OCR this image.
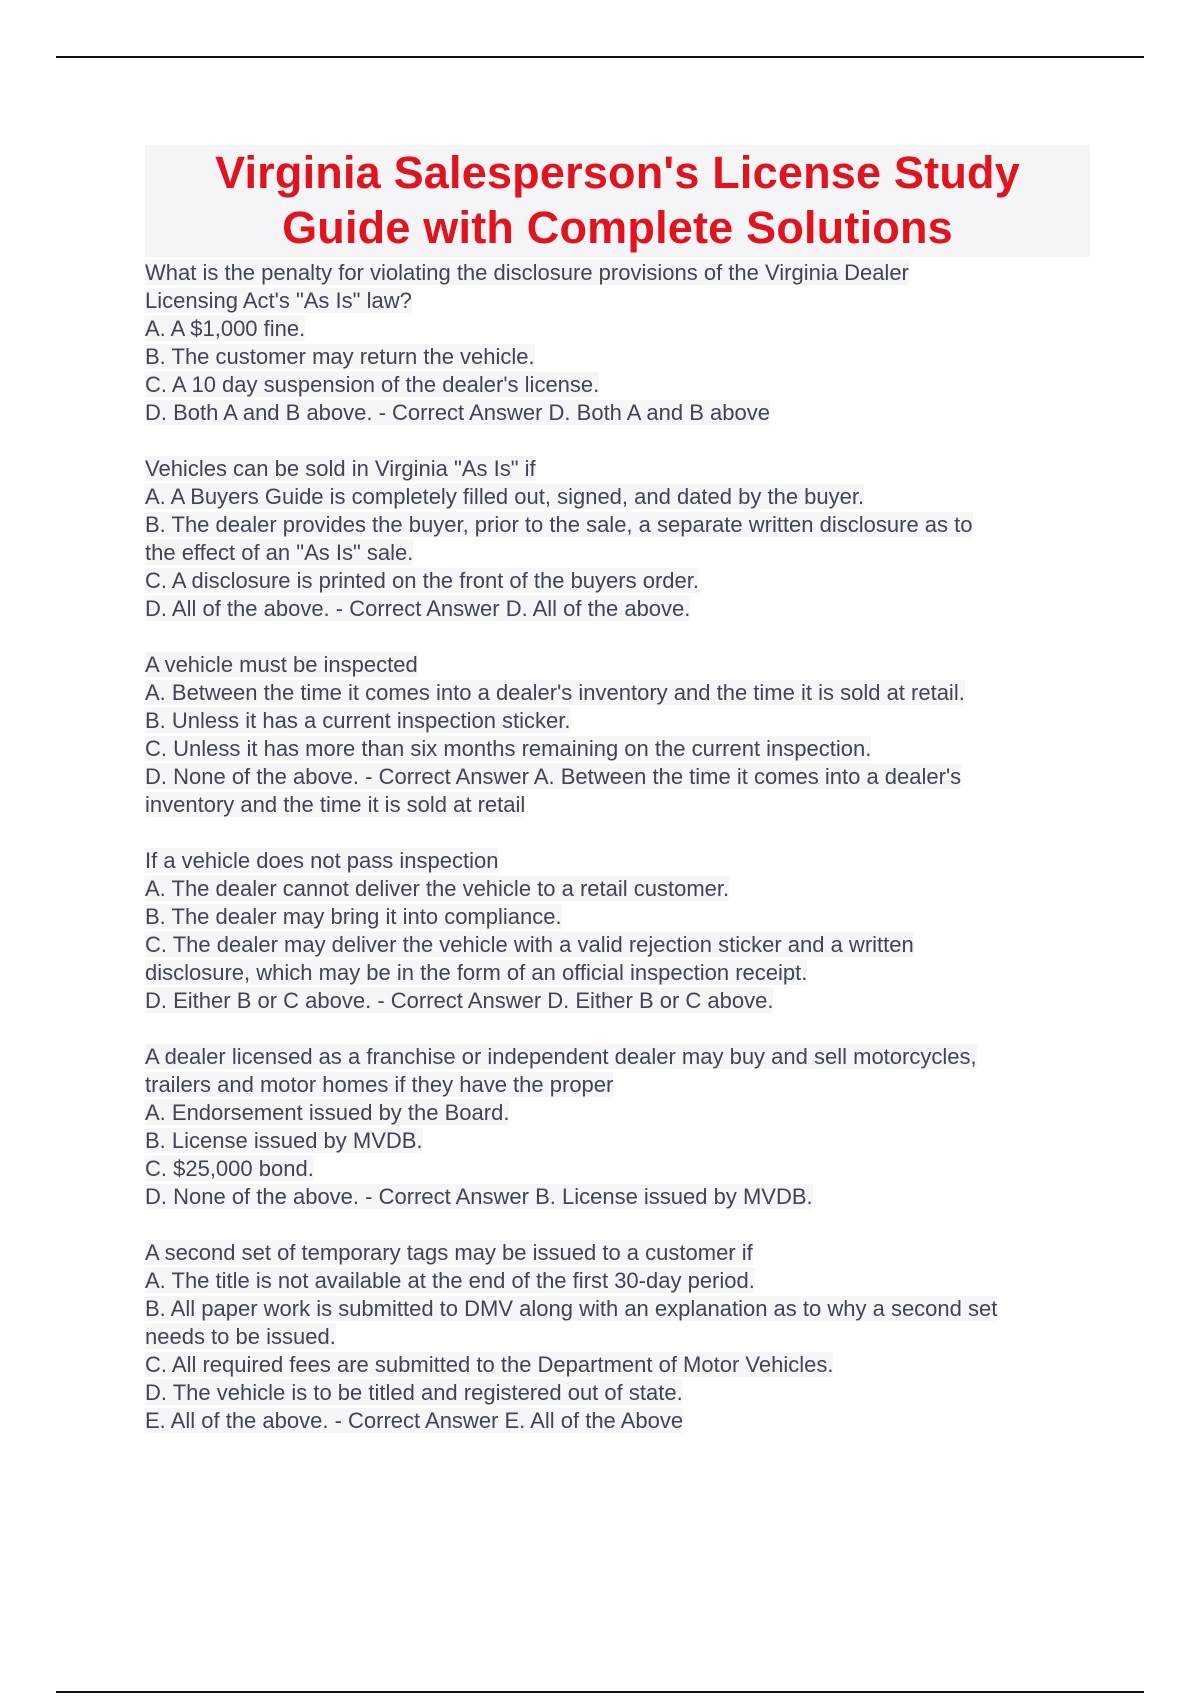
Virginia Salesperson's License Study
Guide with Complete Solutions
What is the penalty for violating the disclosure provisions of the Virginia Dealer
Licensing Act's "As Is" law?
A. A $1,000 fine.
B. The customer may return the vehicle.
C. A 10 day suspension of the dealer's license.
D. Both A and B above. - Correct Answer D. Both A and B above
Vehicles can be sold in Virginia "As Is" if
A. A Buyers Guide is completely filled out, signed, and dated by the buyer.
B. The dealer provides the buyer, prior to the sale, a separate written disclosure as to
the effect of an "As Is" sale.
C. A disclosure is printed on the front of the buyers order.
D. All of the above. - Correct Answer D. All of the above.
A vehicle must be inspected
A. Between the time it comes into a dealer's inventory and the time it is sold at retail.
B. Unless it has a current inspection sticker.
C. Unless it has more than six months remaining on the current inspection.
D. None of the above. - Correct Answer A. Between the time it comes into a dealer's
inventory and the time it is sold at retail
If a vehicle does not pass inspection
A. The dealer cannot deliver the vehicle to a retail customer.
B. The dealer may bring it into compliance.
C. The dealer may deliver the vehicle with a valid rejection sticker and a written
disclosure, which may be in the form of an official inspection receipt.
D. Either B or C above. - Correct Answer D. Either B or C above.
A dealer licensed as a franchise or independent dealer may buy and sell motorcycles,
trailers and motor homes if they have the proper
A. Endorsement issued by the Board.
B. License issued by MVDB.
C. $25,000 bond.
D. None of the above. - Correct Answer B. License issued by MVDB.
A second set of temporary tags may be issued to a customer if
A. The title is not available at the end of the first 30-day period.
B. All paper work is submitted to DMV along with an explanation as to why a second set
needs to be issued.
C. All required fees are submitted to the Department of Motor Vehicles.
D. The vehicle is to be titled and registered out of state.
E. All of the above. - Correct Answer E. All of the Above
